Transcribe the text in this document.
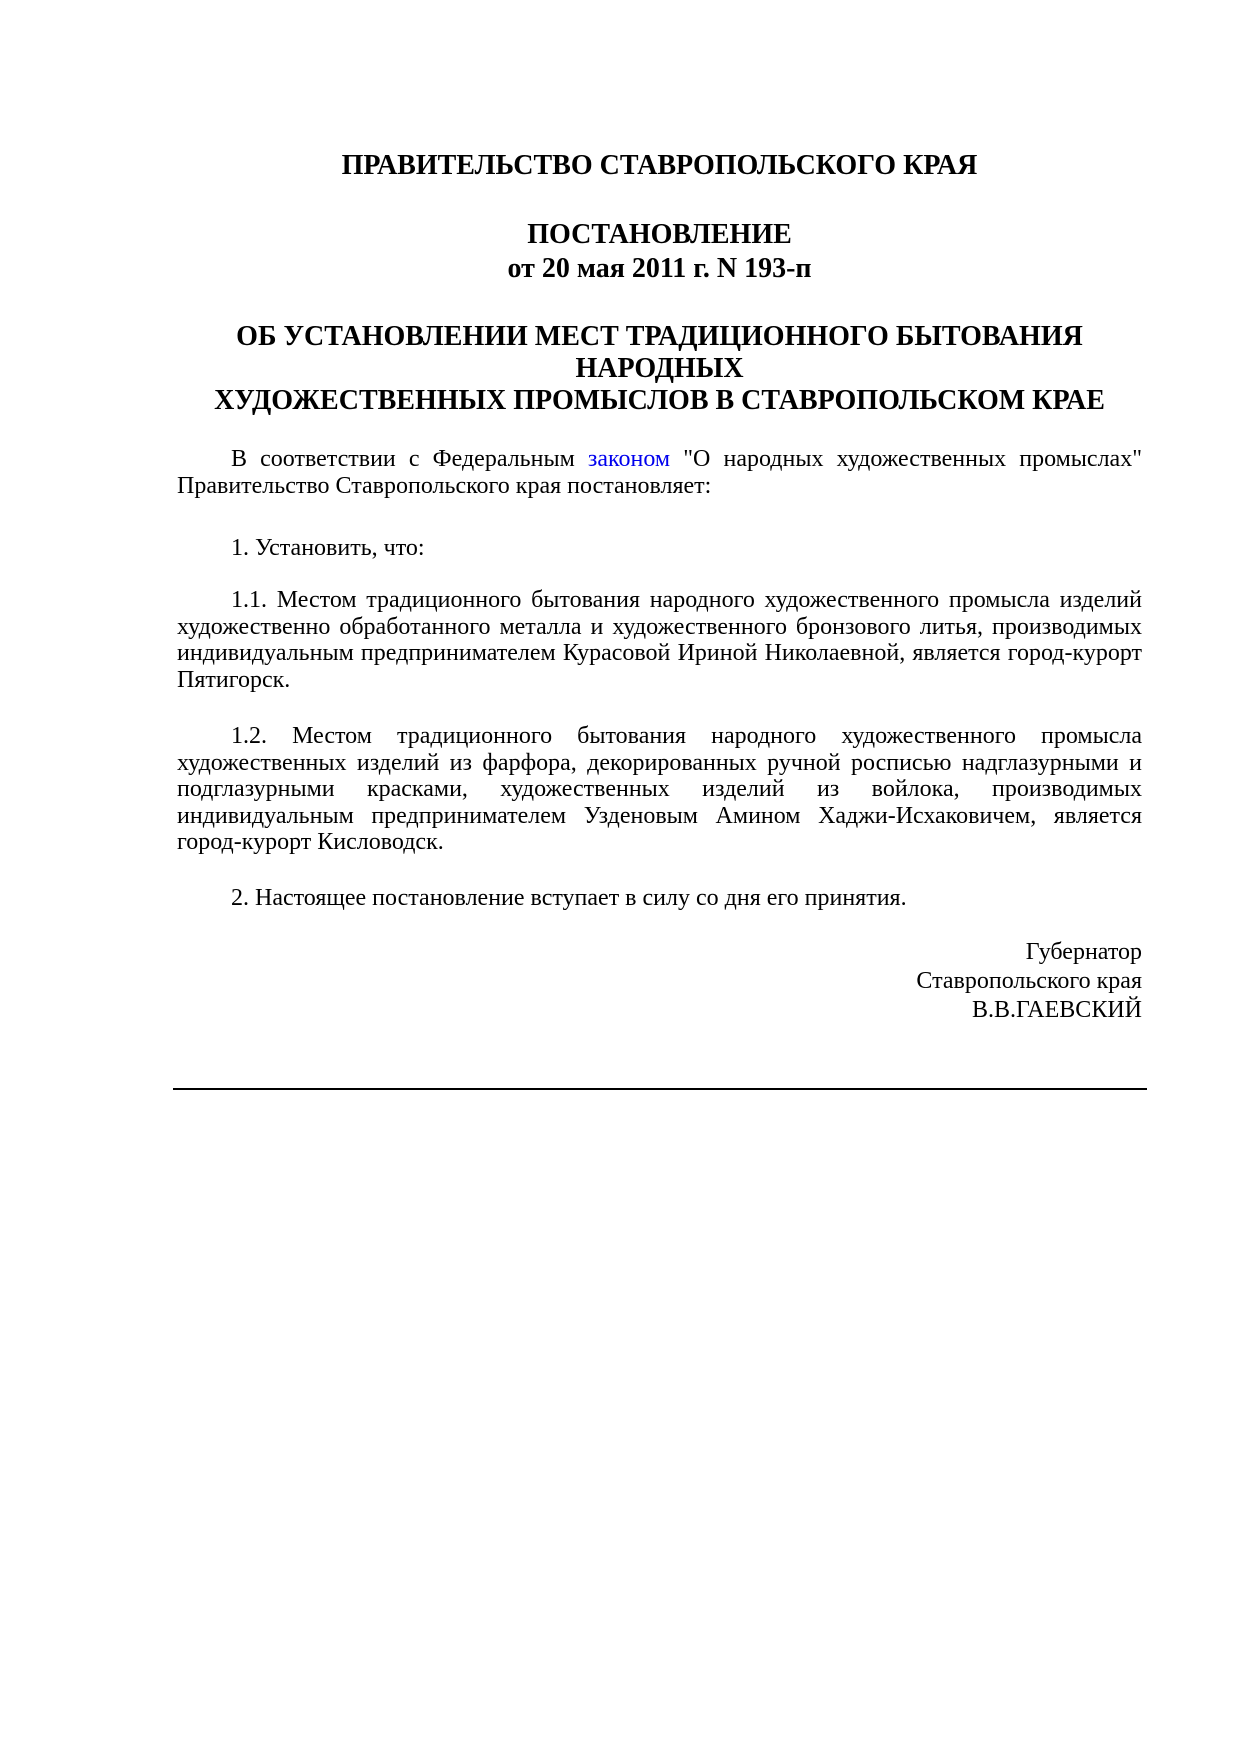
ПРАВИТЕЛЬСТВО СТАВРОПОЛЬСКОГО КРАЯ
ПОСТАНОВЛЕНИЕ
от 20 мая 2011 г. N 193-п
ОБ УСТАНОВЛЕНИИ МЕСТ ТРАДИЦИОННОГО БЫТОВАНИЯ
НАРОДНЫХ
ХУДОЖЕСТВЕННЫХ ПРОМЫСЛОВ В СТАВРОПОЛЬСКОМ КРАЕ

В соответствии с Федеральным законом "О народных художественных промыслах" Правительство Ставропольского края постановляет:

1. Установить, что:

1.1. Местом традиционного бытования народного художественного промысла изделий художественно обработанного металла и художественного бронзового литья, производимых индивидуальным предпринимателем Курасовой Ириной Николаевной, является город-курорт Пятигорск.

1.2. Местом традиционного бытования народного художественного промысла художественных изделий из фарфора, декорированных ручной росписью надглазурными и подглазурными красками, художественных изделий из войлока, производимых индивидуальным предпринимателем Узденовым Амином Хаджи-Исхаковичем, является город-курорт Кисловодск.

2. Настоящее постановление вступает в силу со дня его принятия.

Губернатор
Ставропольского края
В.В.ГАЕВСКИЙ
